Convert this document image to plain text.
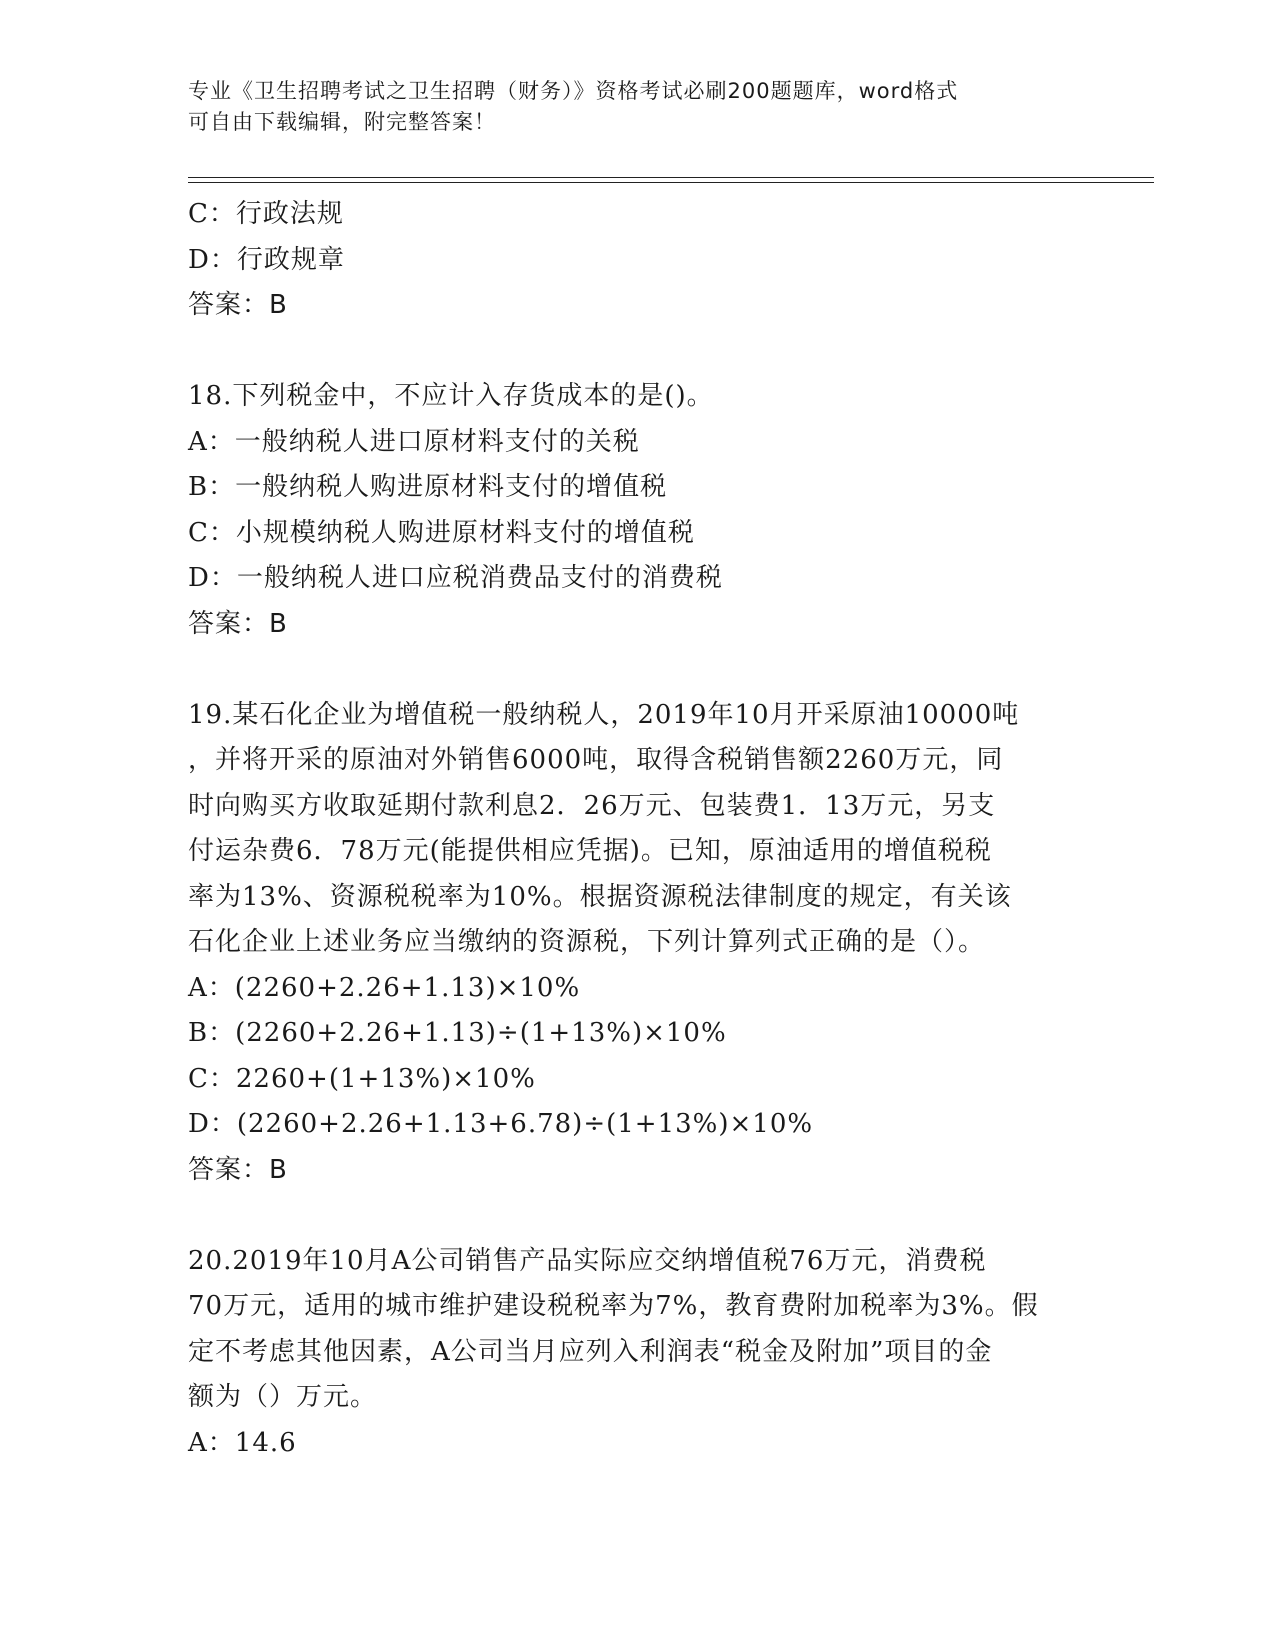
专业《卫生招聘考试之卫生招聘（财务）》资格考试必刷200题题库，word格式
可自由下载编辑，附完整答案！
C：行政法规
D：行政规章
答案：B
18.下列税金中，不应计入存货成本的是()。
A：一般纳税人进口原材料支付的关税
B：一般纳税人购进原材料支付的增值税
C：小规模纳税人购进原材料支付的增值税
D：一般纳税人进口应税消费品支付的消费税
答案：B
19.某石化企业为增值税一般纳税人，2019年10月开采原油10000吨
，并将开采的原油对外销售6000吨，取得含税销售额2260万元，同
时向购买方收取延期付款利息2．26万元、包装费1．13万元，另支
付运杂费6．78万元(能提供相应凭据)。已知，原油适用的增值税税
率为13%、资源税税率为10%。根据资源税法律制度的规定，有关该
石化企业上述业务应当缴纳的资源税，下列计算列式正确的是（）。
A：(2260+2.26+1.13)×10%
B：(2260+2.26+1.13)÷(1+13%)×10%
C：2260+(1+13%)×10%
D：(2260+2.26+1.13+6.78)÷(1+13%)×10%
答案：B
20.2019年10月A公司销售产品实际应交纳增值税76万元，消费税
70万元，适用的城市维护建设税税率为7%，教育费附加税率为3%。假
定不考虑其他因素，A公司当月应列入利润表“税金及附加”项目的金
额为（）万元。
A：14.6
